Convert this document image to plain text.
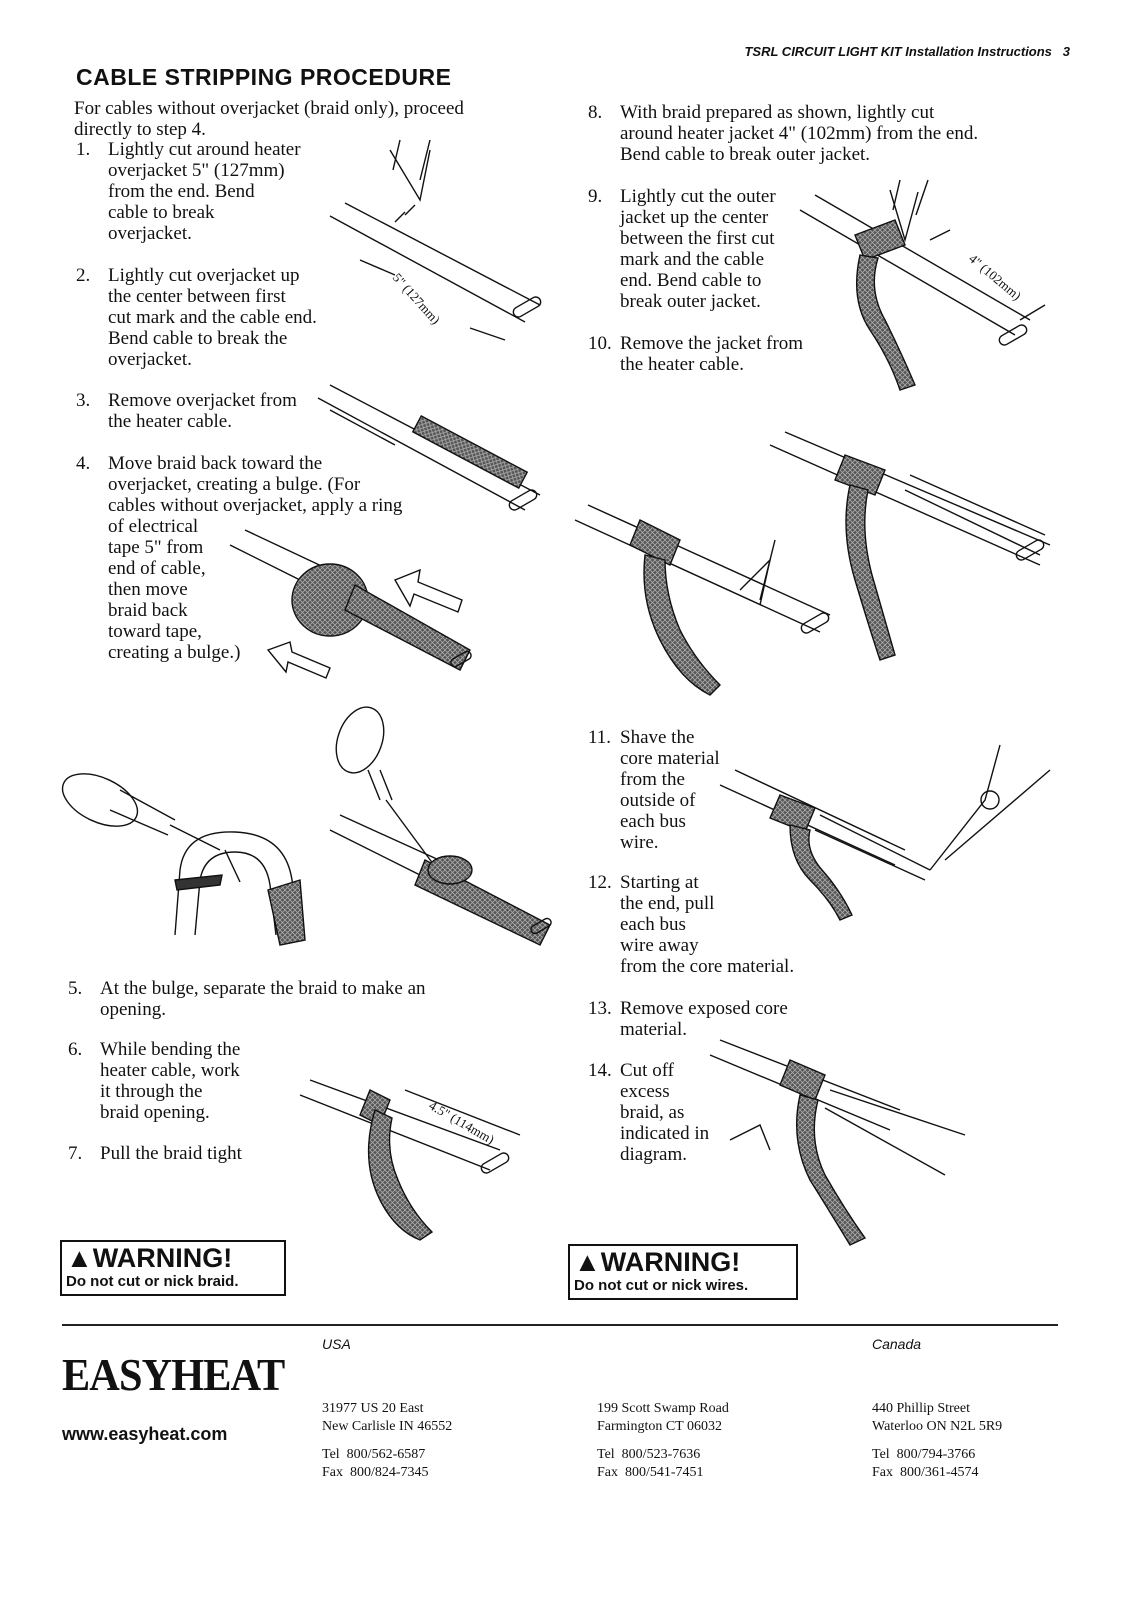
5" (127mm)	4" (102mm)
4.5" (114mm)
TSRL CIRCUIT LIGHT KIT Installation Instructions 3
CABLE STRIPPING PROCEDURE
For cables without overjacket (braid only), proceed
directly to step 4.
1. Lightly cut around heater
overjacket 5" (127mm)
from the end. Bend
cable to break
overjacket.
2. Lightly cut overjacket up
the center between first
cut mark and the cable end.
Bend cable to break the
overjacket.
3. Remove overjacket from
the heater cable.
4. Move braid back toward the
overjacket, creating a bulge. (For
cables without overjacket, apply a ring
of electrical
tape 5" from
end of cable,
then move
braid back
toward tape,
creating a bulge.)
5. At the bulge, separate the braid to make an
opening.
6. While bending the
heater cable, work
it through the
braid opening.
7. Pull the braid tight
8. With braid prepared as shown, lightly cut
around heater jacket 4" (102mm) from the end.
Bend cable to break outer jacket.
9. Lightly cut the outer
jacket up the center
between the first cut
mark and the cable
end. Bend cable to
break outer jacket.
10. Remove the jacket from
the heater cable.
11. Shave the
core material
from the
outside of
each bus
wire.
12. Starting at
the end, pull
each bus
wire away
from the core material.
13. Remove exposed core
material.
14. Cut off
excess
braid, as
indicated in
diagram.
▲WARNING!
Do not cut or nick braid.
▲WARNING!
Do not cut or nick wires.
EASYHEAT
www.easyheat.com
USA	Canada

31977 US 20 East
New Carlisle IN 46552

Tel  800/562-6587
Fax  800/824-7345

199 Scott Swamp Road
Farmington CT 06032

Tel  800/523-7636
Fax  800/541-7451

440 Phillip Street
Waterloo ON N2L 5R9

Tel  800/794-3766
Fax  800/361-4574
